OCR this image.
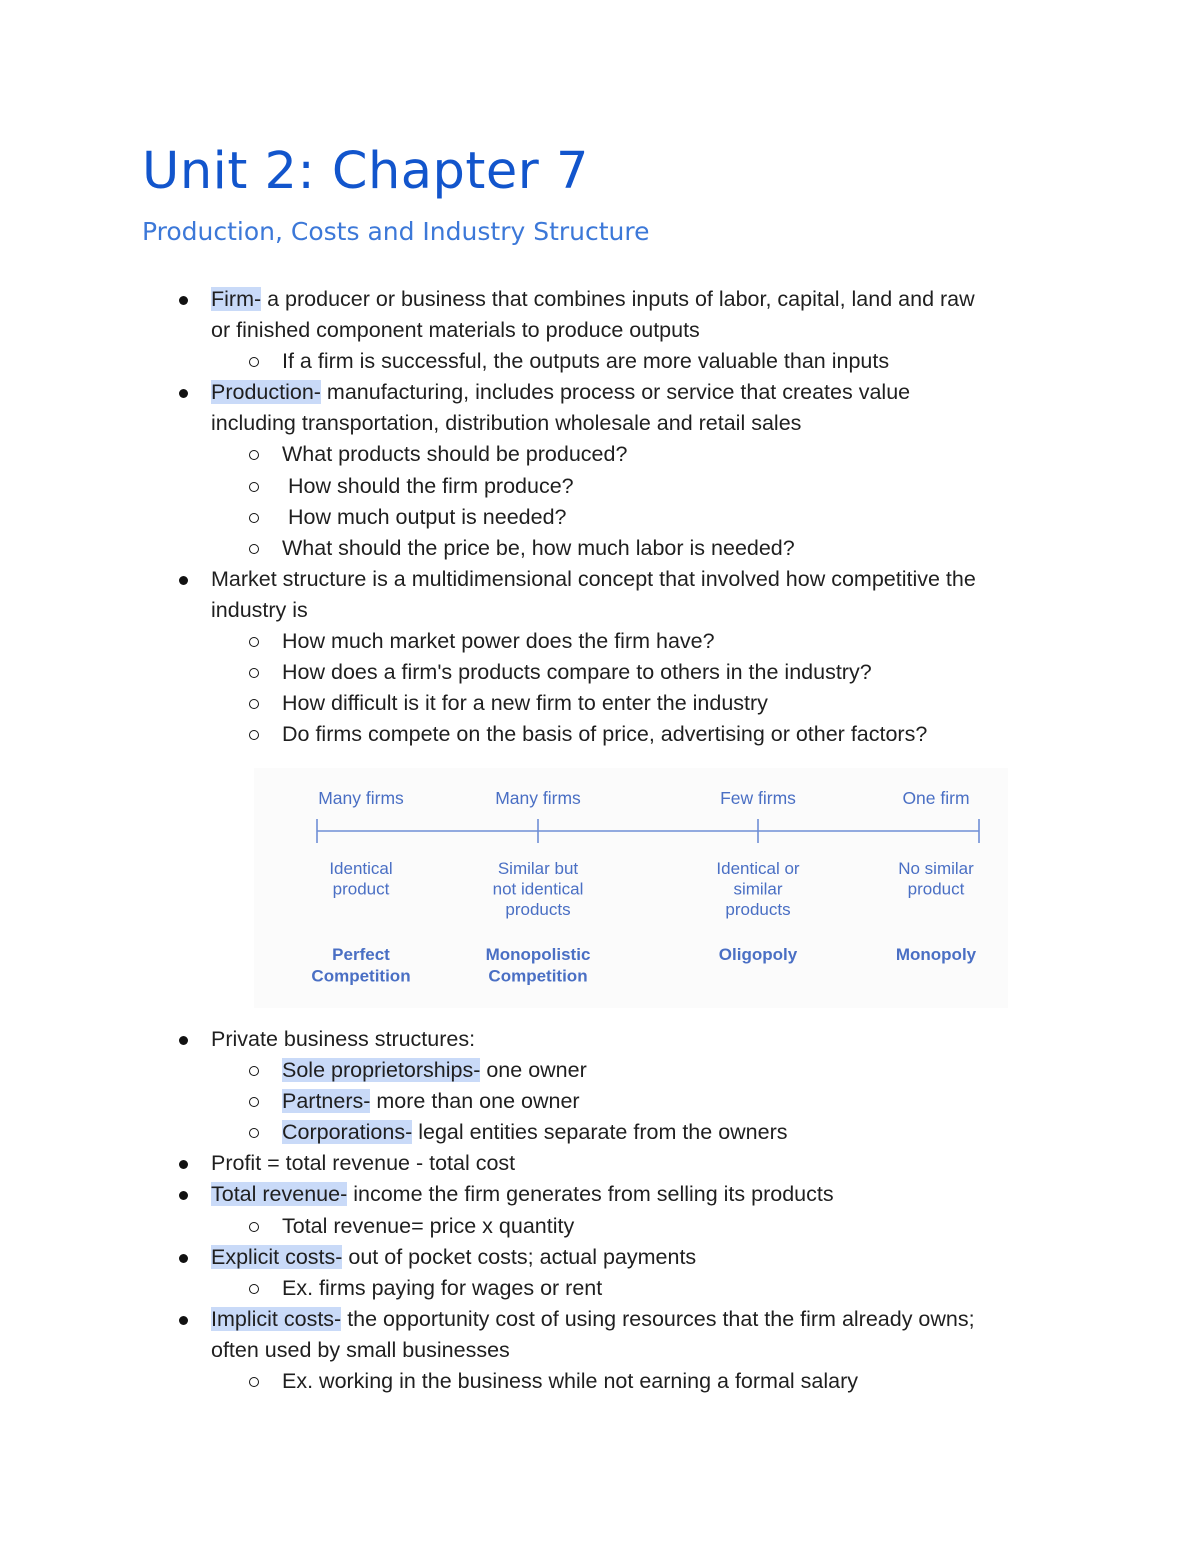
Unit 2: Chapter 7
Production, Costs and Industry Structure
Firm- a producer or business that combines inputs of labor, capital, land and raw
or finished component materials to produce outputs
If a firm is successful, the outputs are more valuable than inputs
Production- manufacturing, includes process or service that creates value
including transportation, distribution wholesale and retail sales
What products should be produced?
How should the firm produce?
How much output is needed?
What should the price be, how much labor is needed?
Market structure is a multidimensional concept that involved how competitive the
industry is
How much market power does the firm have?
How does a firm's products compare to others in the industry?
How difficult is it for a new firm to enter the industry
Do firms compete on the basis of price, advertising or other factors?
Many firms
Identical
product
Perfect
Competition
Many firms
Similar but
not identical
products
Monopolistic
Competition
Few firms
Identical or
similar
products
Oligopoly
One firm
No similar
product
Monopoly
Private business structures:
Sole proprietorships- one owner
Partners- more than one owner
Corporations- legal entities separate from the owners
Profit = total revenue - total cost
Total revenue- income the firm generates from selling its products
Total revenue= price x quantity
Explicit costs- out of pocket costs; actual payments
Ex. firms paying for wages or rent
Implicit costs- the opportunity cost of using resources that the firm already owns;
often used by small businesses
Ex. working in the business while not earning a formal salary
